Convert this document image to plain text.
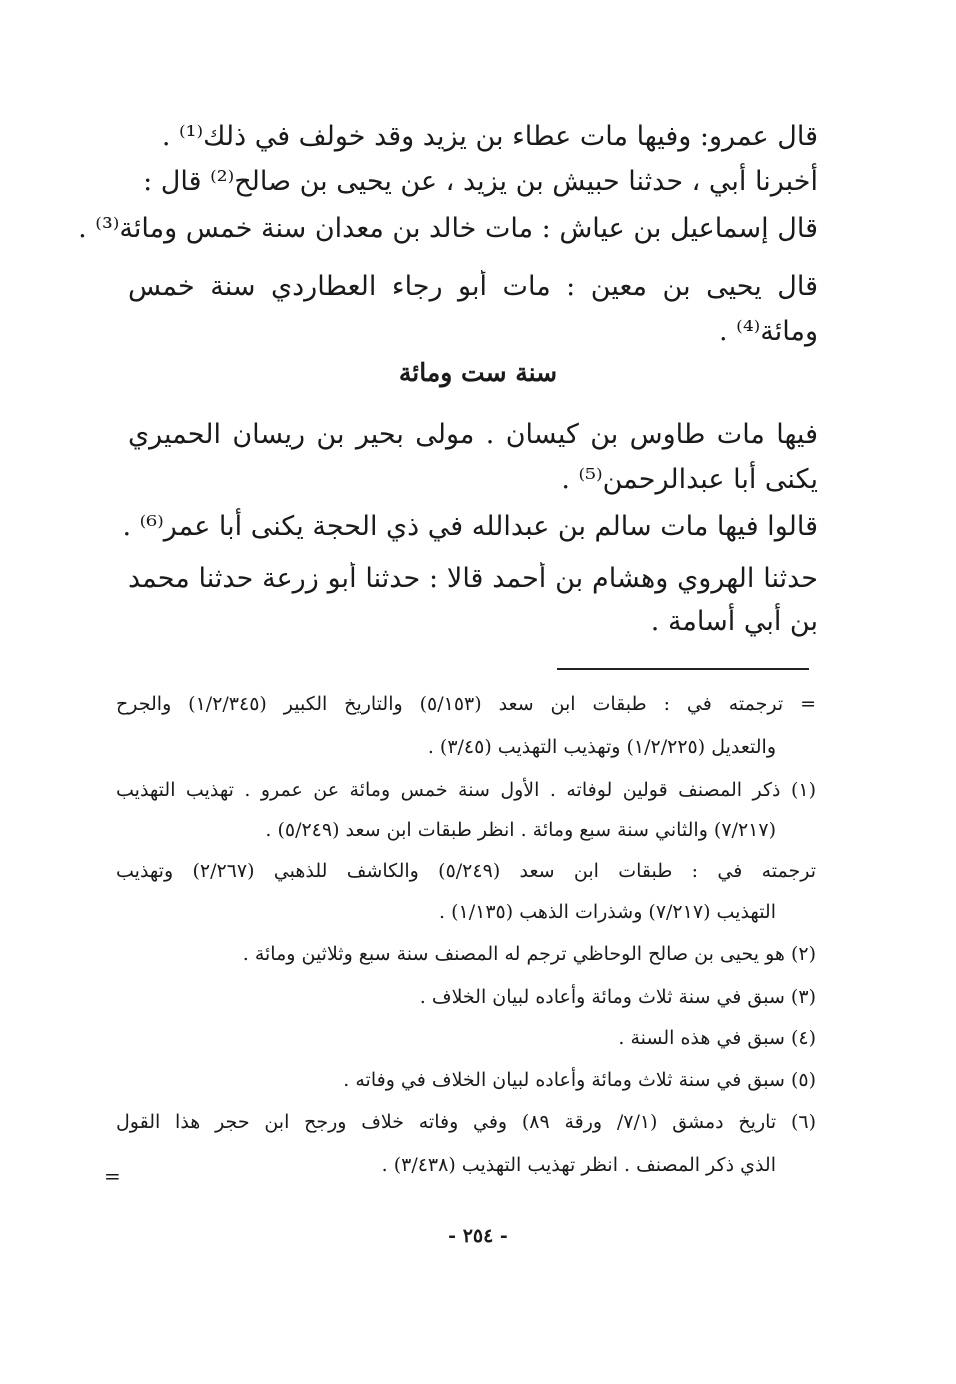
قال عمرو: وفيها مات عطاء بن يزيد وقد خولف في ذلك⁽¹⁾ .
أخبرنا أبي ، حدثنا حبيش بن يزيد ، عن يحيى بن صالح⁽²⁾ قال :
قال إسماعيل بن عياش : مات خالد بن معدان سنة خمس ومائة⁽³⁾ .
قال يحيى بن معين : مات أبو رجاء العطاردي سنة خمس
ومائة⁽⁴⁾ .
سنة ست ومائة
فيها مات طاوس بن كيسان . مولى بحير بن ريسان الحميري
يكنى أبا عبدالرحمن⁽⁵⁾ .
قالوا فيها مات سالم بن عبدالله في ذي الحجة يكنى أبا عمر⁽⁶⁾ .
حدثنا الهروي وهشام بن أحمد قالا : حدثنا أبو زرعة حدثنا محمد
بن أبي أسامة .
= ترجمته في : طبقات ابن سعد (٥/١٥٣) والتاريخ الكبير (١/٢/٣٤٥) والجرح
والتعديل (١/٢/٢٢٥) وتهذيب التهذيب (٣/٤٥) .
(١) ذكر المصنف قولين لوفاته . الأول سنة خمس ومائة عن عمرو . تهذيب التهذيب
(٧/٢١٧) والثاني سنة سبع ومائة . انظر طبقات ابن سعد (٥/٢٤٩) .
ترجمته في : طبقات ابن سعد (٥/٢٤٩) والكاشف للذهبي (٢/٢٦٧) وتهذيب
التهذيب (٧/٢١٧) وشذرات الذهب (١/١٣٥) .
(٢) هو يحيى بن صالح الوحاظي ترجم له المصنف سنة سبع وثلاثين ومائة .
(٣) سبق في سنة ثلاث ومائة وأعاده لبيان الخلاف .
(٤) سبق في هذه السنة .
(٥) سبق في سنة ثلاث ومائة وأعاده لبيان الخلاف في وفاته .
(٦) تاريخ دمشق (٧/١/ ورقة ٨٩) وفي وفاته خلاف ورجح ابن حجر هذا القول
الذي ذكر المصنف . انظر تهذيب التهذيب (٣/٤٣٨) .
=
- ٢٥٤ -
